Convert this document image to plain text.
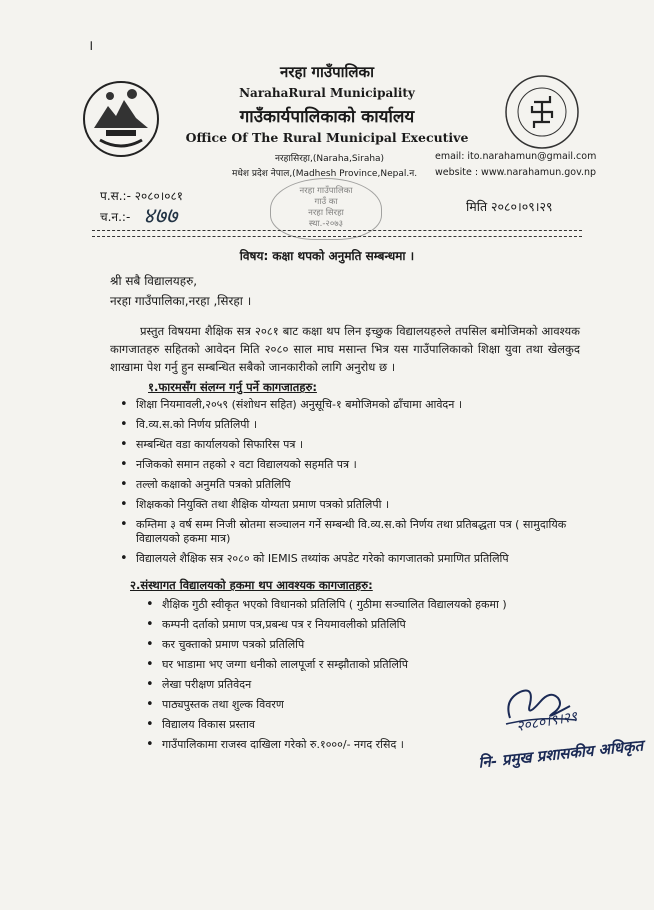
।
नरहा गाउँपालिका
NarahaRural Municipality
गाउँकार्यपालिकाको कार्यालय
Office Of The Rural Municipal Executive
नरहासिरहा,(Naraha,Siraha)
मधेश प्रदेश नेपाल,(Madhesh Province,Nepal.न.
email: ito.narahamun@gmail.com
website : www.narahamun.gov.np
प.स.:- २०८०।०८१
च.न.:- ४७७
नरहा गाउँपालिका
गाउँ का
नरहा सिरहा
स्था.-२०७३
मिति २०८०।०९।२९
विषय: कक्षा थपको अनुमति सम्बन्धमा ।
श्री सबै विद्यालयहरु,
नरहा गाउँपालिका,नरहा ,सिरहा ।
प्रस्तुत विषयमा शैक्षिक सत्र २०८१ बाट कक्षा थप लिन इच्छुक विद्यालयहरुले तपसिल बमोजिमको आवश्यक कागजातहरु सहितको आवेदन मिति २०८० साल माघ मसान्त भित्र यस गाउँपालिकाको शिक्षा युवा तथा खेलकुद शाखामा पेश गर्नु हुन सम्बन्धित सबैको जानकारीको लागि अनुरोध छ ।
१.फारमसँग संलग्न गर्नु पर्ने कागजातहरु:
• शिक्षा नियमावली,२०५९ (संशोधन सहित) अनुसूचि-१ बमोजिमको ढाँचामा आवेदन ।
• वि.व्य.स.को निर्णय प्रतिलिपी ।
• सम्बन्धित वडा कार्यालयको सिफारिस पत्र ।
• नजिकको समान तहको २ वटा विद्यालयको सहमति पत्र ।
• तल्लो कक्षाको अनुमति पत्रको प्रतिलिपि
• शिक्षकको नियुक्ति तथा शैक्षिक योग्यता प्रमाण पत्रको प्रतिलिपी ।
• कम्तिमा ३ वर्ष सम्म निजी स्रोतमा सञ्चालन गर्ने सम्बन्धी वि.व्य.स.को निर्णय तथा प्रतिबद्धता पत्र ( सामुदायिक विद्यालयको हकमा मात्र)
• विद्यालयले शैक्षिक सत्र २०८० को IEMIS तथ्यांक अपडेट गरेको कागजातको प्रमाणित प्रतिलिपि
२.संस्थागत विद्यालयको हकमा थप आवश्यक कागजातहरु:
• शैक्षिक गुठी स्वीकृत भएको विधानको प्रतिलिपि ( गुठीमा सञ्चालित विद्यालयको हकमा )
• कम्पनी दर्ताको प्रमाण पत्र,प्रबन्ध पत्र र नियमावलीको प्रतिलिपि
• कर चुक्ताको प्रमाण पत्रको प्रतिलिपि
• घर भाडामा भए जग्गा धनीको लालपूर्जा र सम्झौताको प्रतिलिपि
• लेखा परीक्षण प्रतिवेदन
• पाठ्यपुस्तक तथा शुल्क विवरण
• विद्यालय विकास प्रस्ताव
• गाउँपालिकामा राजस्व दाखिला गरेको रु.१०००/- नगद रसिद ।
२०८०।९।२९
नि- प्रमुख प्रशासकीय अधिकृत
